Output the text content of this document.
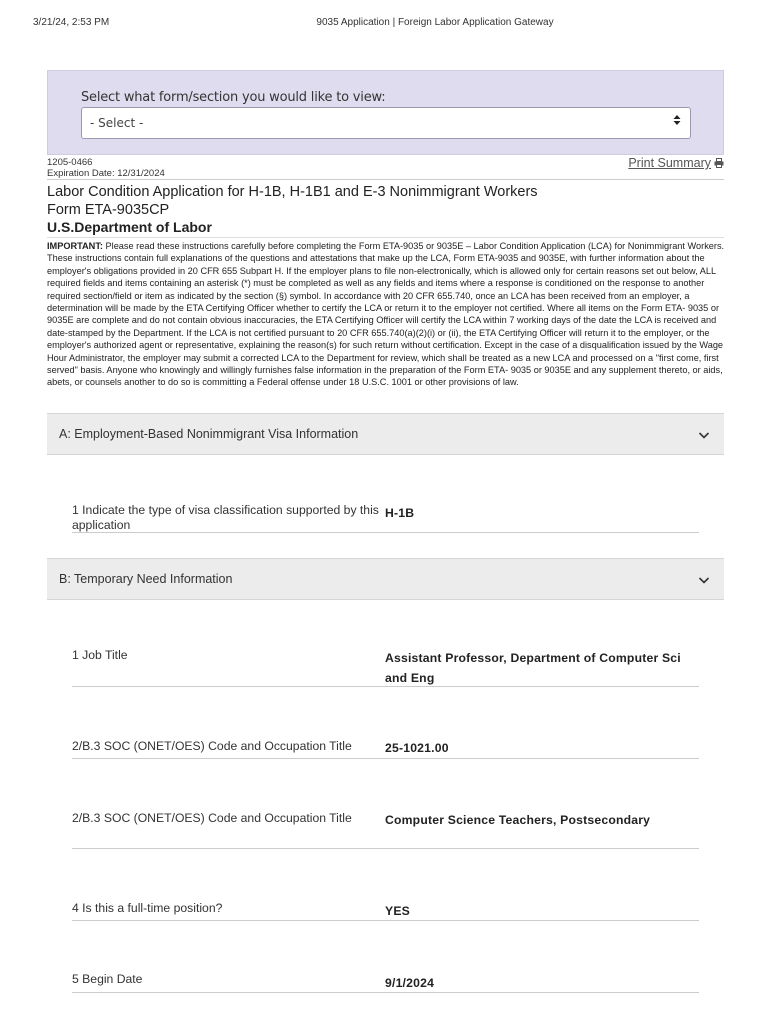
3/21/24, 2:53 PM	9035 Application | Foreign Labor Application Gateway
Select what form/section you would like to view:
- Select -
1205-0466
Expiration Date: 12/31/2024
Print Summary
Labor Condition Application for H-1B, H-1B1 and E-3 Nonimmigrant Workers
Form ETA-9035CP
U.S.Department of Labor
IMPORTANT: Please read these instructions carefully before completing the Form ETA-9035 or 9035E – Labor Condition Application (LCA) for Nonimmigrant Workers. These instructions contain full explanations of the questions and attestations that make up the LCA, Form ETA-9035 and 9035E, with further information about the employer's obligations provided in 20 CFR 655 Subpart H. If the employer plans to file non-electronically, which is allowed only for certain reasons set out below, ALL required fields and items containing an asterisk (*) must be completed as well as any fields and items where a response is conditioned on the response to another required section/field or item as indicated by the section (§) symbol. In accordance with 20 CFR 655.740, once an LCA has been received from an employer, a determination will be made by the ETA Certifying Officer whether to certify the LCA or return it to the employer not certified. Where all items on the Form ETA- 9035 or 9035E are complete and do not contain obvious inaccuracies, the ETA Certifying Officer will certify the LCA within 7 working days of the date the LCA is received and date-stamped by the Department. If the LCA is not certified pursuant to 20 CFR 655.740(a)(2)(i) or (ii), the ETA Certifying Officer will return it to the employer, or the employer's authorized agent or representative, explaining the reason(s) for such return without certification. Except in the case of a disqualification issued by the Wage Hour Administrator, the employer may submit a corrected LCA to the Department for review, which shall be treated as a new LCA and processed on a "first come, first served" basis. Anyone who knowingly and willingly furnishes false information in the preparation of the Form ETA- 9035 or 9035E and any supplement thereto, or aids, abets, or counsels another to do so is committing a Federal offense under 18 U.S.C. 1001 or other provisions of law.
A: Employment-Based Nonimmigrant Visa Information
1 Indicate the type of visa classification supported by this application
H-1B
B: Temporary Need Information
1 Job Title	Assistant Professor, Department of Computer Sci and Eng
2/B.3 SOC (ONET/OES) Code and Occupation Title	25-1021.00
2/B.3 SOC (ONET/OES) Code and Occupation Title	Computer Science Teachers, Postsecondary
4 Is this a full-time position?	YES
5 Begin Date	9/1/2024
